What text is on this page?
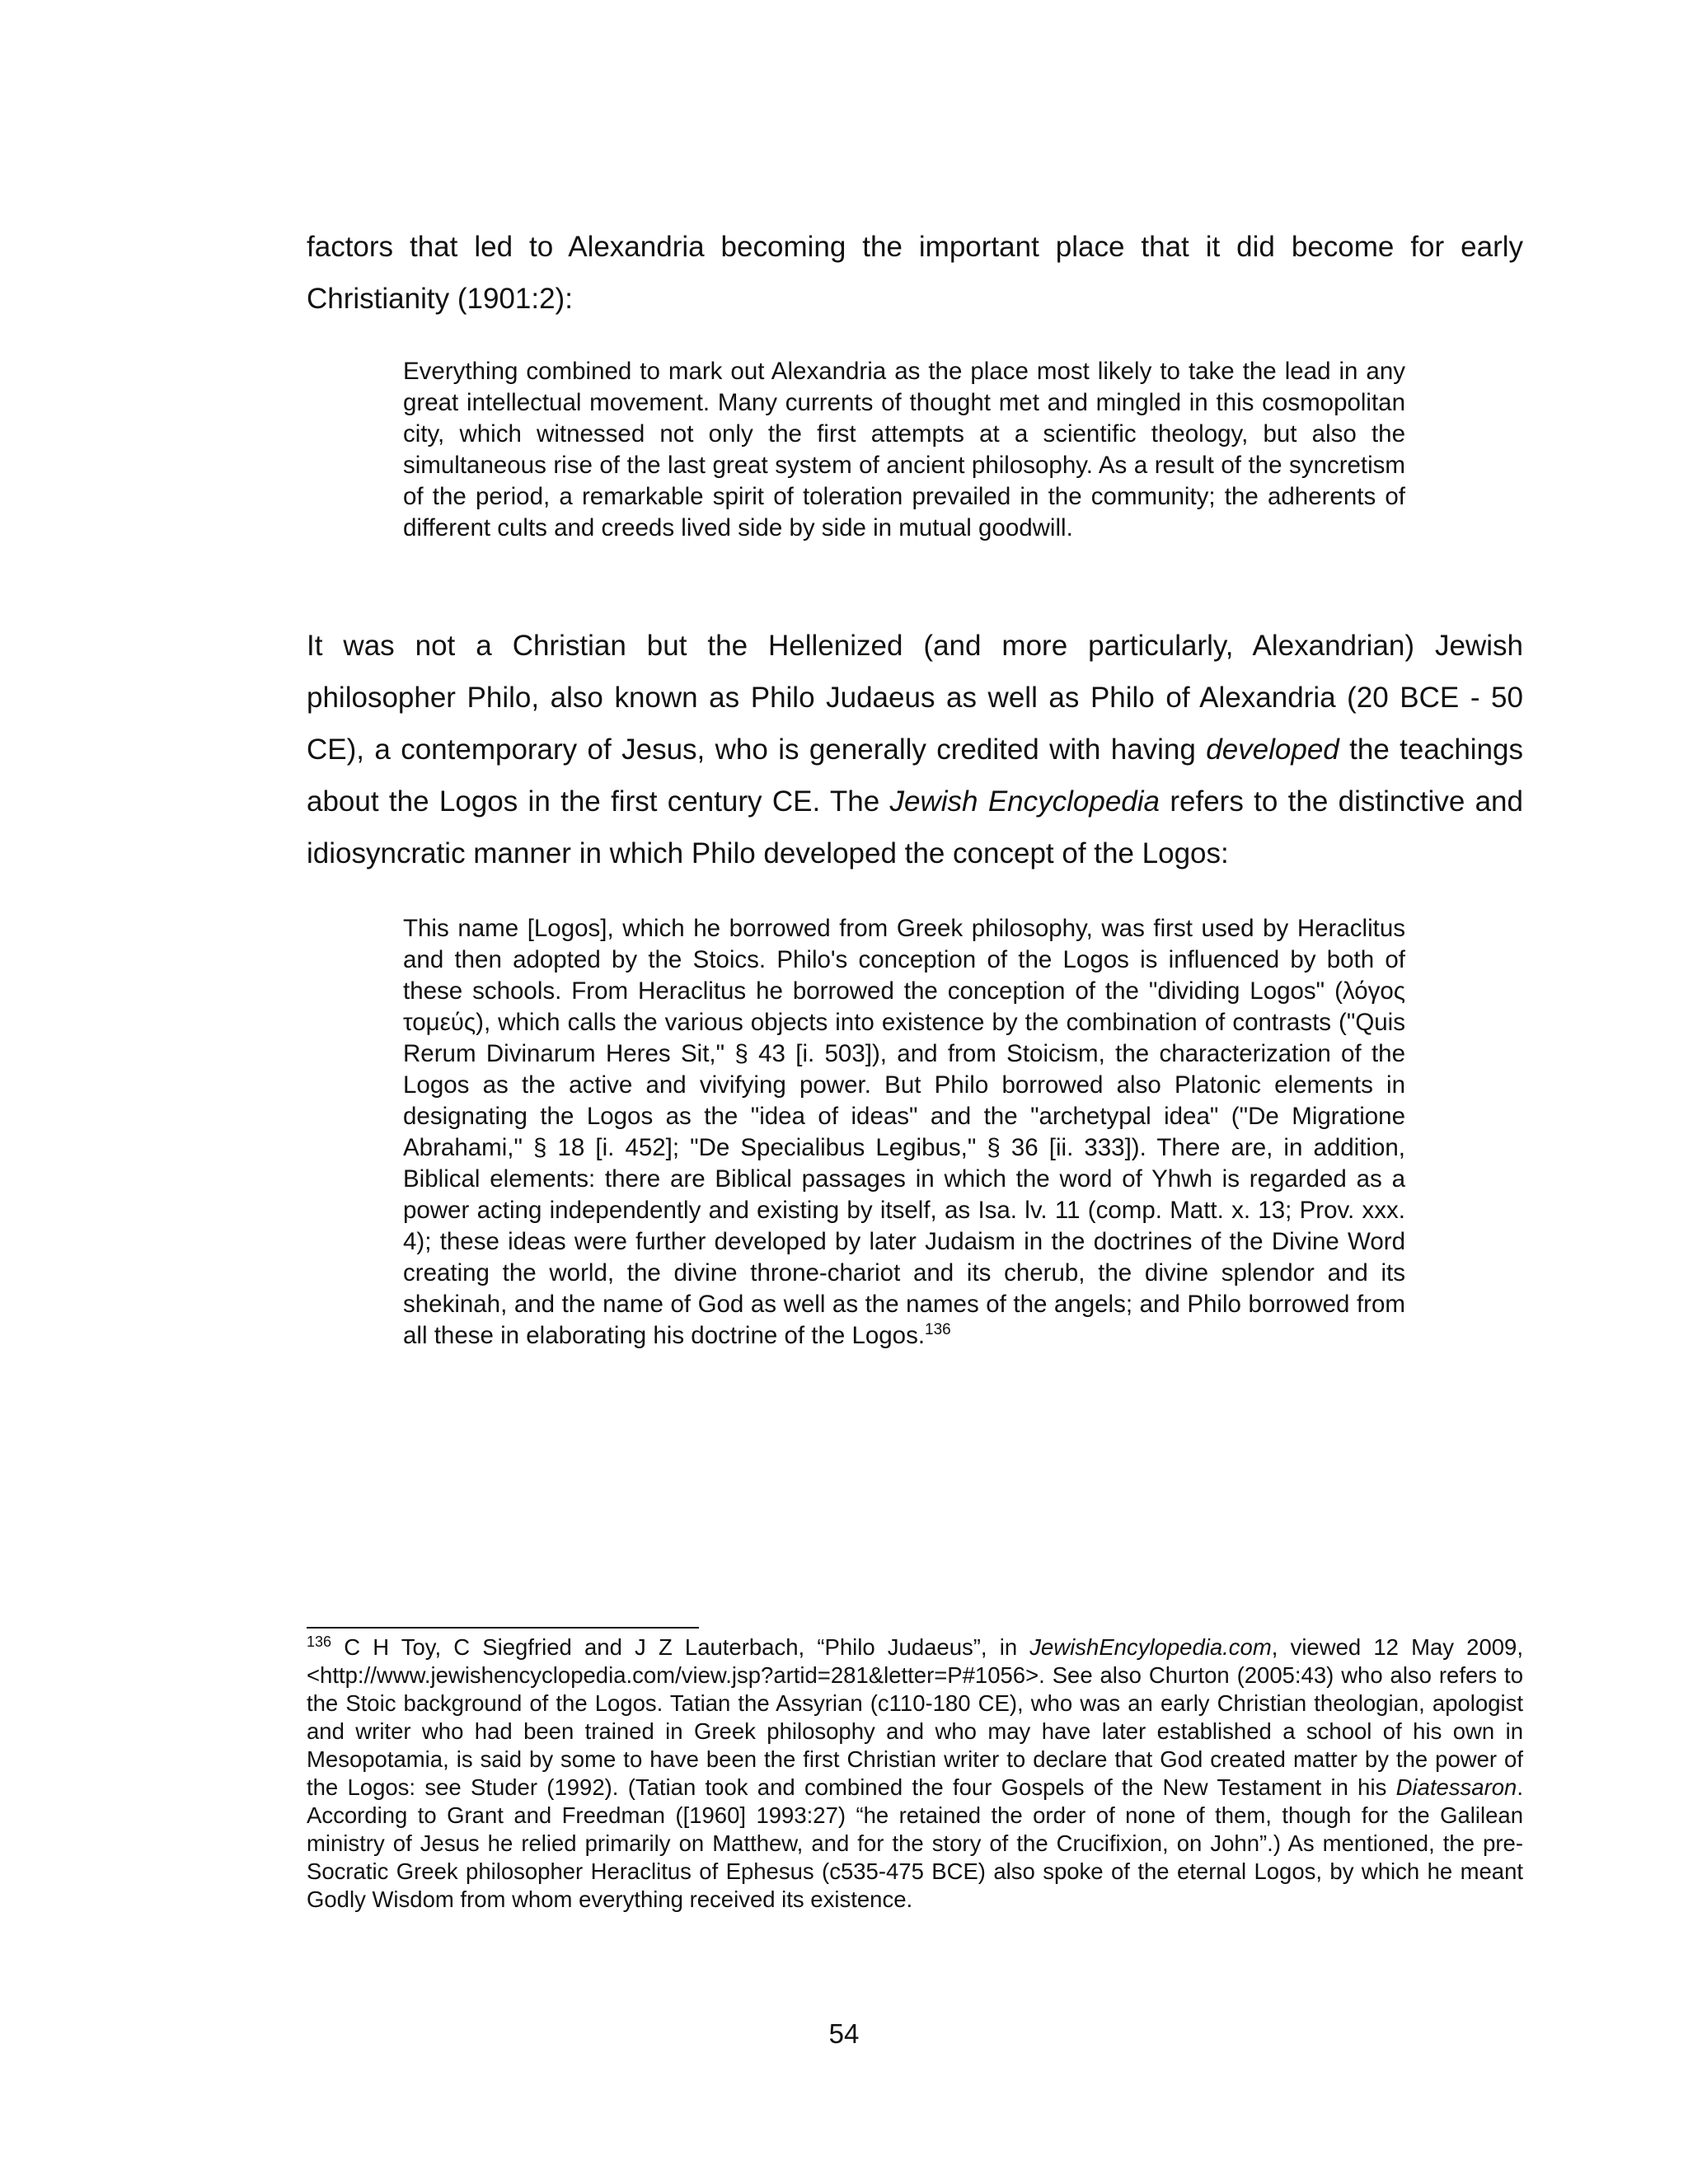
factors that led to Alexandria becoming the important place that it did become for early Christianity (1901:2):

Everything combined to mark out Alexandria as the place most likely to take the lead in any great intellectual movement. Many currents of thought met and mingled in this cosmopolitan city, which witnessed not only the first attempts at a scientific theology, but also the simultaneous rise of the last great system of ancient philosophy. As a result of the syncretism of the period, a remarkable spirit of toleration prevailed in the community; the adherents of different cults and creeds lived side by side in mutual goodwill.

It was not a Christian but the Hellenized (and more particularly, Alexandrian) Jewish philosopher Philo, also known as Philo Judaeus as well as Philo of Alexandria (20 BCE - 50 CE), a contemporary of Jesus, who is generally credited with having developed the teachings about the Logos in the first century CE. The Jewish Encyclopedia refers to the distinctive and idiosyncratic manner in which Philo developed the concept of the Logos:

This name [Logos], which he borrowed from Greek philosophy, was first used by Heraclitus and then adopted by the Stoics. Philo's conception of the Logos is influenced by both of these schools. From Heraclitus he borrowed the conception of the "dividing Logos" (λόγος τομεύς), which calls the various objects into existence by the combination of contrasts ("Quis Rerum Divinarum Heres Sit," § 43 [i. 503]), and from Stoicism, the characterization of the Logos as the active and vivifying power. But Philo borrowed also Platonic elements in designating the Logos as the "idea of ideas" and the "archetypal idea" ("De Migratione Abrahami," § 18 [i. 452]; "De Specialibus Legibus," § 36 [ii. 333]). There are, in addition, Biblical elements: there are Biblical passages in which the word of Yhwh is regarded as a power acting independently and existing by itself, as Isa. lv. 11 (comp. Matt. x. 13; Prov. xxx. 4); these ideas were further developed by later Judaism in the doctrines of the Divine Word creating the world, the divine throne-chariot and its cherub, the divine splendor and its shekinah, and the name of God as well as the names of the angels; and Philo borrowed from all these in elaborating his doctrine of the Logos.$^{136}$

$^{136}$ C H Toy, C Siegfried and J Z Lauterbach, “Philo Judaeus”, in JewishEncylopedia.com, viewed 12 May 2009, <http://www.jewishencyclopedia.com/view.jsp?artid=281&letter=P#1056>. See also Churton (2005:43) who also refers to the Stoic background of the Logos. Tatian the Assyrian (c110-180 CE), who was an early Christian theologian, apologist and writer who had been trained in Greek philosophy and who may have later established a school of his own in Mesopotamia, is said by some to have been the first Christian writer to declare that God created matter by the power of the Logos: see Studer (1992). (Tatian took and combined the four Gospels of the New Testament in his Diatessaron. According to Grant and Freedman ([1960] 1993:27) “he retained the order of none of them, though for the Galilean ministry of Jesus he relied primarily on Matthew, and for the story of the Crucifixion, on John”.) As mentioned, the pre-Socratic Greek philosopher Heraclitus of Ephesus (c535-475 BCE) also spoke of the eternal Logos, by which he meant Godly Wisdom from whom everything received its existence.

54
